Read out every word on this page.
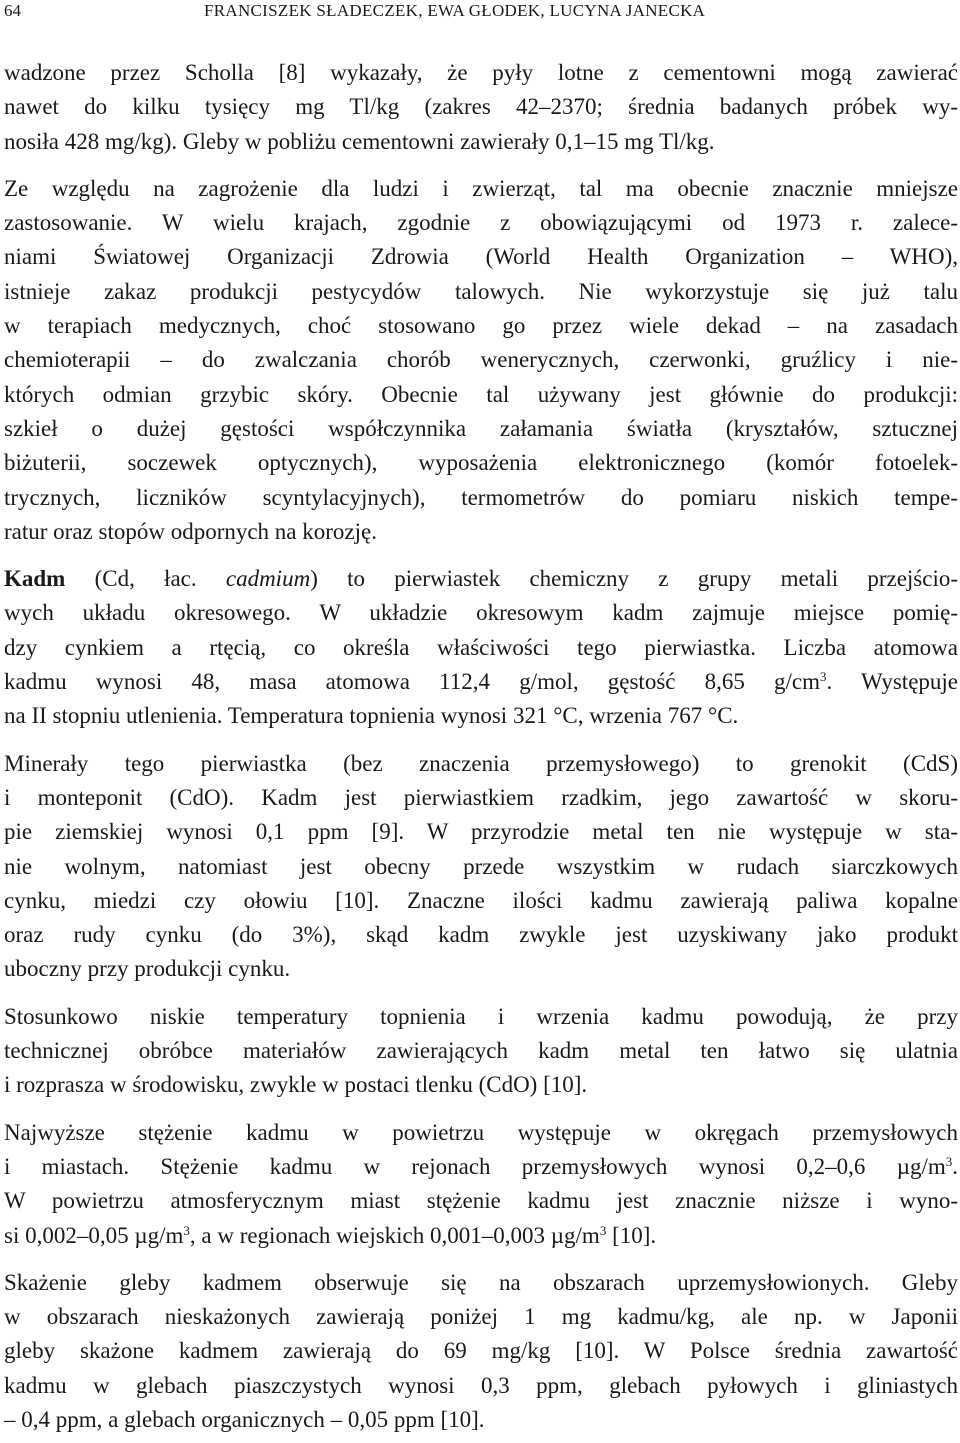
64	FRANCISZEK SŁADECZEK, EWA GŁODEK, LUCYNA JANECKA
wadzone przez Scholla [8] wykazały, że pyły lotne z cementowni mogą zawierać
nawet do kilku tysięcy mg Tl/kg (zakres 42–2370; średnia badanych próbek wy-
nosiła 428 mg/kg). Gleby w pobliżu cementowni zawierały 0,1–15 mg Tl/kg.
Ze względu na zagrożenie dla ludzi i zwierząt, tal ma obecnie znacznie mniejsze
zastosowanie. W wielu krajach, zgodnie z obowiązującymi od 1973 r. zalece-
niami Światowej Organizacji Zdrowia (World Health Organization – WHO),
istnieje zakaz produkcji pestycydów talowych. Nie wykorzystuje się już talu
w terapiach medycznych, choć stosowano go przez wiele dekad – na zasadach
chemioterapii – do zwalczania chorób wenerycznych, czerwonki, gruźlicy i nie-
których odmian grzybic skóry. Obecnie tal używany jest głównie do produkcji:
szkieł o dużej gęstości współczynnika załamania światła (kryształów, sztucznej
biżuterii, soczewek optycznych), wyposażenia elektronicznego (komór fotoelek-
trycznych, liczników scyntylacyjnych), termometrów do pomiaru niskich tempe-
ratur oraz stopów odpornych na korozję.
Kadm (Cd, łac. cadmium) to pierwiastek chemiczny z grupy metali przejścio-
wych układu okresowego. W układzie okresowym kadm zajmuje miejsce pomię-
dzy cynkiem a rtęcią, co określa właściwości tego pierwiastka. Liczba atomowa
kadmu wynosi 48, masa atomowa 112,4 g/mol, gęstość 8,65 $g/cm^3$. Występuje
na II stopniu utlenienia. Temperatura topnienia wynosi 321 °C, wrzenia 767 °C.
Minerały tego pierwiastka (bez znaczenia przemysłowego) to grenokit (CdS)
i monteponit (CdO). Kadm jest pierwiastkiem rzadkim, jego zawartość w skoru-
pie ziemskiej wynosi 0,1 ppm [9]. W przyrodzie metal ten nie występuje w sta-
nie wolnym, natomiast jest obecny przede wszystkim w rudach siarczkowych
cynku, miedzi czy ołowiu [10]. Znaczne ilości kadmu zawierają paliwa kopalne
oraz rudy cynku (do 3%), skąd kadm zwykle jest uzyskiwany jako produkt
uboczny przy produkcji cynku.
Stosunkowo niskie temperatury topnienia i wrzenia kadmu powodują, że przy
technicznej obróbce materiałów zawierających kadm metal ten łatwo się ulatnia
i rozprasza w środowisku, zwykle w postaci tlenku (CdO) [10].
Najwyższe stężenie kadmu w powietrzu występuje w okręgach przemysłowych
i miastach. Stężenie kadmu w rejonach przemysłowych wynosi 0,2–0,6 $\mu g/m^3$.
W powietrzu atmosferycznym miast stężenie kadmu jest znacznie niższe i wyno-
si 0,002–0,05 $\mu g/m^3$, a w regionach wiejskich 0,001–0,003 $\mu g/m^3$ [10].
Skażenie gleby kadmem obserwuje się na obszarach uprzemysłowionych. Gleby
w obszarach nieskażonych zawierają poniżej 1 mg kadmu/kg, ale np. w Japonii
gleby skażone kadmem zawierają do 69 mg/kg [10]. W Polsce średnia zawartość
kadmu w glebach piaszczystych wynosi 0,3 ppm, glebach pyłowych i gliniastych
– 0,4 ppm, a glebach organicznych – 0,05 ppm [10].
